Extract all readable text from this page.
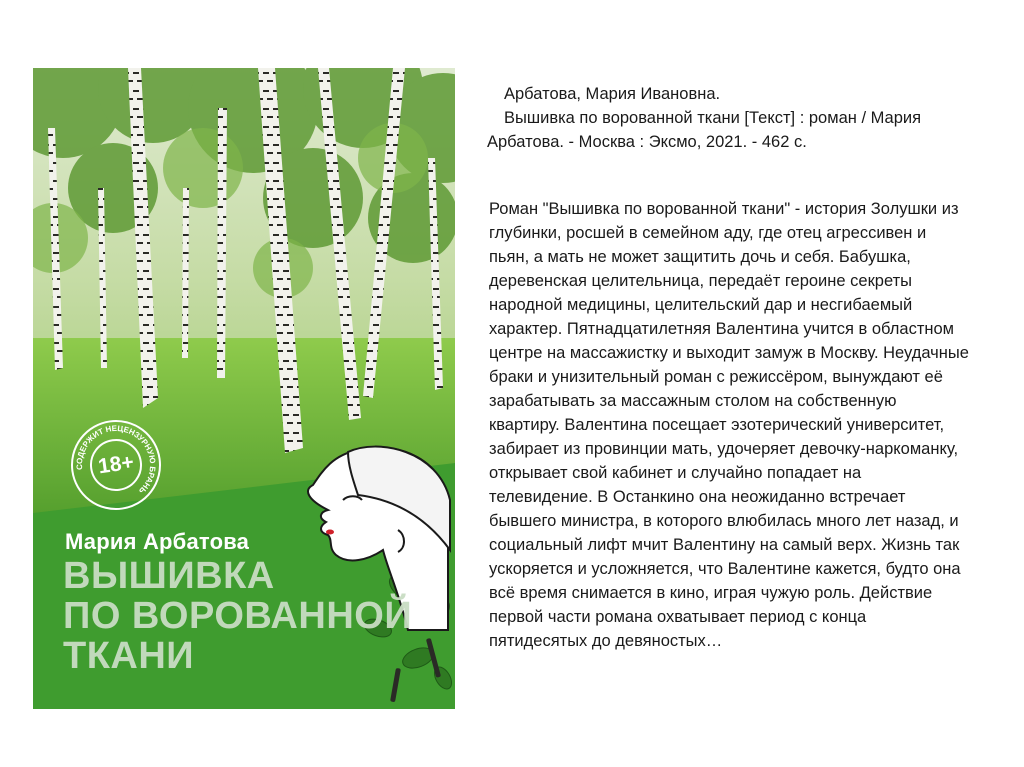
СОДЕРЖИТ НЕЦЕНЗУРНУЮ БРАНЬ
18+
Мария Арбатова
ВЫШИВКА
ПО ВОРОВАННОЙ
ТКАНИ

Арбатова, Мария Ивановна.

Вышивка по ворованной ткани [Текст] : роман / Мария Арбатова. - Москва : Эксмо, 2021. - 462 с.

Роман "Вышивка по ворованной ткани" - история Золушки из глубинки, росшей в семейном аду, где отец агрессивен и пьян, а мать не может защитить дочь и себя. Бабушка, деревенская целительница, передаёт героине секреты народной медицины, целительский дар и несгибаемый характер. Пятнадцатилетняя Валентина учится в областном центре на массажистку и выходит замуж в Москву. Неудачные браки и унизительный роман с режиссёром, вынуждают её зарабатывать за массажным столом на собственную квартиру. Валентина посещает эзотерический университет, забирает из провинции мать, удочеряет девочку-наркоманку, открывает свой кабинет и случайно попадает на телевидение. В Останкино она неожиданно встречает бывшего министра, в которого влюбилась много лет назад, и социальный лифт мчит Валентину на самый верх. Жизнь так ускоряется и усложняется, что Валентине кажется, будто она всё время снимается в кино, играя чужую роль. Действие первой части романа охватывает период с конца пятидесятых до девяностых…
